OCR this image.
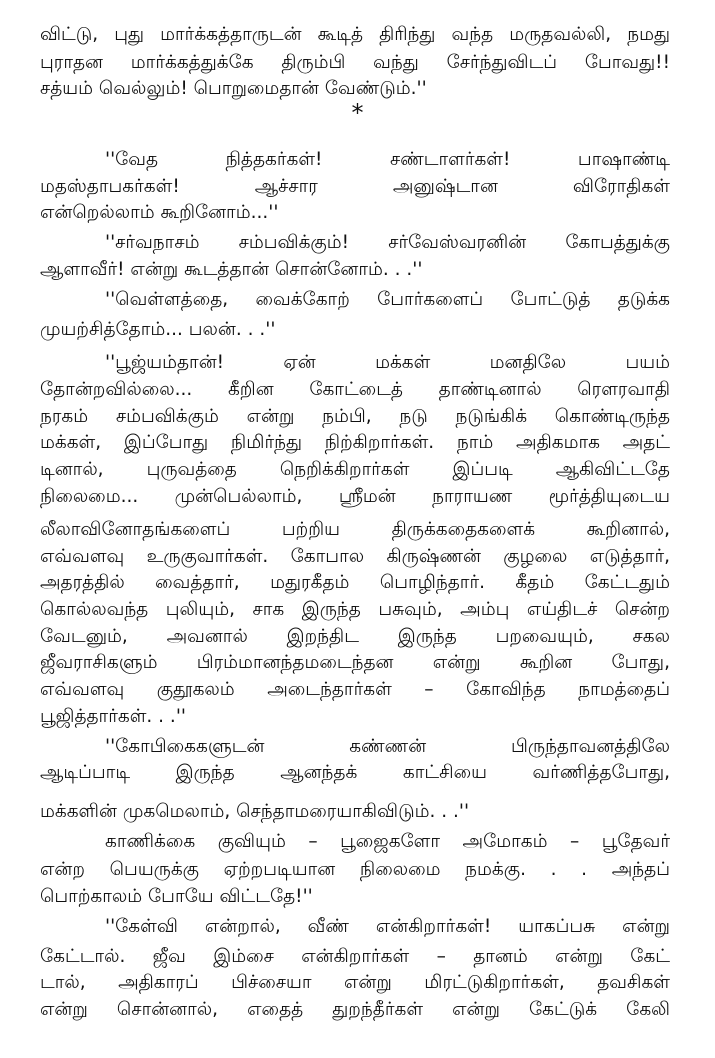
விட்டு, புது மார்க்கத்தாருடன் கூடித் திரிந்து வந்த மருதவல்லி, நமது
புராதன மார்க்கத்துக்கே திரும்பி வந்து சேர்ந்துவிடப் போவது!!
சத்யம் வெல்லும்! பொறுமைதான் வேண்டும்.''
*
''வேத நித்தகர்கள்! சண்டாளர்கள்! பாஷாண்டி
மதஸ்தாபகர்கள்! ஆச்சார அனுஷ்டான விரோதிகள்
என்றெல்லாம் கூறினோம்...''
''சர்வநாசம் சம்பவிக்கும்! சர்வேஸ்வரனின் கோபத்துக்கு
ஆளாவீர்! என்று கூடத்தான் சொன்னோம். . .''
''வெள்ளத்தை, வைக்கோற் போர்களைப் போட்டுத் தடுக்க
முயற்சித்தோம்... பலன். . .''
''பூஜ்யம்தான்! ஏன் மக்கள் மனதிலே பயம்
தோன்றவில்லை... கீறின கோட்டைத் தாண்டினால் ரௌரவாதி
நரகம் சம்பவிக்கும் என்று நம்பி, நடு நடுங்கிக் கொண்டிருந்த
மக்கள், இப்போது நிமிர்ந்து நிற்கிறார்கள். நாம் அதிகமாக அதட்
டினால், புருவத்தை நெறிக்கிறார்கள் இப்படி ஆகிவிட்டதே
நிலைமை... முன்பெல்லாம், ஸ்ரீமன் நாராயண மூர்த்தியுடைய
லீலாவினோதங்களைப் பற்றிய திருக்கதைகளைக் கூறினால்,
எவ்வளவு உருகுவார்கள். கோபால கிருஷ்ணன் குழலை எடுத்தார்,
அதரத்தில் வைத்தார், மதுரகீதம் பொழிந்தார். கீதம் கேட்டதும்
கொல்லவந்த புலியும், சாக இருந்த பசுவும், அம்பு எய்திடச் சென்ற
வேடனும், அவனால் இறந்திட இருந்த பறவையும், சகல
ஜீவராசிகளும் பிரம்மானந்தமடைந்தன என்று கூறின போது,
எவ்வளவு குதூகலம் அடைந்தார்கள் – கோவிந்த நாமத்தைப்
பூஜித்தார்கள். . .''
''கோபிகைகளுடன் கண்ணன் பிருந்தாவனத்திலே
ஆடிப்பாடி இருந்த ஆனந்தக் காட்சியை வர்ணித்தபோது,
மக்களின் முகமெலாம், செந்தாமரையாகிவிடும். . .''
காணிக்கை குவியும் – பூஜைகளோ அமோகம் – பூதேவர்
என்ற பெயருக்கு ஏற்றபடியான நிலைமை நமக்கு. . . அந்தப்
பொற்காலம் போயே விட்டதே!''
''கேள்வி என்றால், வீண் என்கிறார்கள்! யாகப்பசு என்று
கேட்டால். ஜீவ இம்சை என்கிறார்கள் – தானம் என்று கேட்
டால், அதிகாரப் பிச்சையா என்று மிரட்டுகிறார்கள், தவசிகள்
என்று சொன்னால், எதைத் துறந்தீர்கள் என்று கேட்டுக் கேலி
